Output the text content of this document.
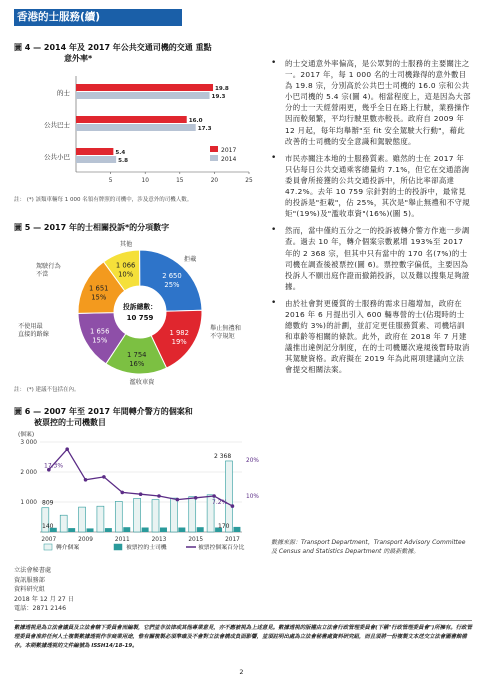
香港的士服務(續)
圖 4 — 2014 年及 2017 年公共交通司機的交通 重點
意外率*
5	10	15	20	25
的士	19.8
19.3
公共巴士	16.0
17.3
公共小巴	5.4
5.8
2017
2014
註： (*) 該類車輛每 1 000 名領有牌照的司機中，涉及意外的司機人數。
圖 5 — 2017 年的士相關投訴*的分項數字
1 066
10%	2 650
25%
1 982
19%
1 754
16%
1 656
15%
1 651
15%
投訴總數：
10 759
其他
拒載
舉止無禮和
不守規矩
濫收車資
不使用最
直接的路線
駕駛行為
不當
註： (*) 建議不包括在內。
圖 6 — 2007 年至 2017 年間轉介警方的個案和
被票控的士司機數目
(個案)
1 000
2 000
3 000
10%
20%
2007	2009	2011	2013	2015	2017
17.3%
809
140
2 368
7.2%
170
轉介個案	被票控的士司機	被票控個案百分比
• 的士交通意外率偏高，是公眾對的士服務的主要關注之一。2017 年，每 1 000 名的士司機錄得的意外數目為 19.8 宗，分別高於公共巴士司機的 16.0 宗和公共小巴司機的 5.4 宗(圖 4)。相當程度上，這是因為大部分的士一天經營兩更，幾乎全日在路上行駛，業務操作因而較頻繁，平均行駛里數亦較長。政府自 2009 年 12 月起，每年均舉辦"至 fit 安全駕駛大行動"，藉此改善的士司機的安全意識和駕駛態度。
• 市民亦關注本地的士服務質素。雖然的士在 2017 年只佔每日公共交通乘客總量約 7.1%，但它在交通諮詢委員會所接獲的公共交通投訴中，所佔比率卻高達 47.2%。去年 10 759 宗針對的士的投訴中，最常見的投訴是"拒載"，佔 25%，其次是"舉止無禮和不守規矩"(19%)及"濫收車資"(16%)(圖 5)。
• 然而，當中僅約五分之一的投訴被轉介警方作進一步調查。過去 10 年，轉介個案宗數累增 193%至 2017 年的 2 368 宗，但其中只有當中的 170 名(7%)的士司機在調查後被票控(圖 6)。票控數字偏低，主要因為投訴人不願出庭作證而撤銷投訴，以及難以搜集足夠證據。
• 由於社會對更優質的士服務的需求日趨增加，政府在 2016 年 6 月提出引入 600 輛專營的士(佔現時的士總數約 3%)的計劃，並訂定更佳服務質素、司機培訓和車齡等相關的條款。此外，政府在 2018 年 7 月建議推出違例記分制度，在的士司機屢次違規後暫時取消其駕駛資格。政府擬在 2019 年為此兩項建議向立法會提交相關法案。
數據來源：Transport Department，Transport Advisory Committee 及 Census and Statistics Department 的最新數據。
立法會秘書處
資訊服務部
資料研究組
2018 年 12 月 27 日
電話：2871 2146
數據透視是為立法會議員及立法會轄下委員會而編製，它們並非法律或其他專業意見，亦不應被視為上述意見。數據透視的版權由立法會行政管理委員會(下稱"行政管理委員會")所擁有。行政管理委員會准許任何人士複製數據透視作非商業用途，惟有關複製必須準確及不會對立法會構成負面影響，並須註明出處為立法會秘書處資料研究組，而且須將一份複製文本送交立法會圖書館備存。本期數據透視的文件編號為 ISSH14/18-19。
2
